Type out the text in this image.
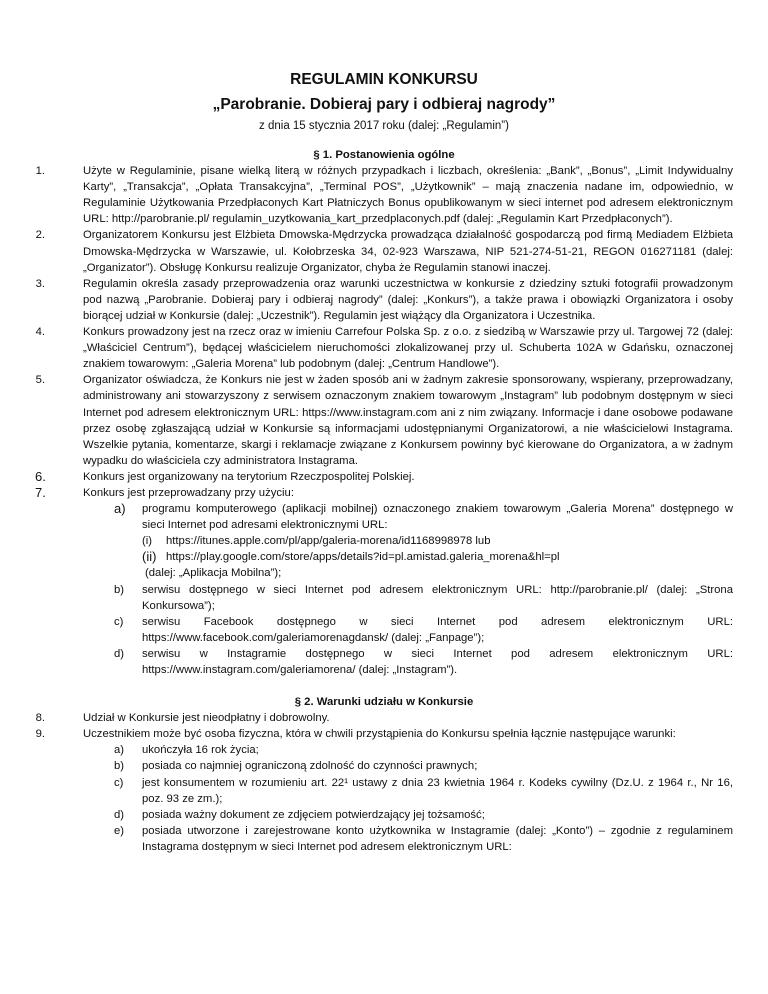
REGULAMIN KONKURSU
„Parobranie. Dobieraj pary i odbieraj nagrody”
z dnia 15 stycznia 2017 roku (dalej: „Regulamin”)
§ 1. Postanowienia ogólne
1.	Użyte w Regulaminie, pisane wielką literą w różnych przypadkach i liczbach, określenia: „Bank”, „Bonus”, „Limit Indywidualny Karty”, „Transakcja”, „Opłata Transakcyjna”, „Terminal POS”, „Użytkownik” – mają znaczenia nadane im, odpowiednio, w Regulaminie Użytkowania Przedpłaconych Kart Płatniczych Bonus opublikowanym w sieci internet pod adresem elektronicznym URL: http://parobranie.pl/ regulamin_uzytkowania_kart_przedplaconych.pdf (dalej: „Regulamin Kart Przedpłaconych”).
2.	Organizatorem Konkursu jest Elżbieta Dmowska-Mędrzycka prowadząca działalność gospodarczą pod firmą Mediadem Elżbieta Dmowska-Mędrzycka w Warszawie, ul. Kołobrzeska 34, 02-923 Warszawa, NIP 521-274-51-21, REGON 016271181 (dalej: „Organizator”). Obsługę Konkursu realizuje Organizator, chyba że Regulamin stanowi inaczej.
3.	Regulamin określa zasady przeprowadzenia oraz warunki uczestnictwa w konkursie z dziedziny sztuki fotografii prowadzonym pod nazwą „Parobranie. Dobieraj pary i odbieraj nagrody” (dalej: „Konkurs”), a także prawa i obowiązki Organizatora i osoby biorącej udział w Konkursie (dalej: „Uczestnik”). Regulamin jest wiążący dla Organizatora i Uczestnika.
4.	Konkurs prowadzony jest na rzecz oraz w imieniu Carrefour Polska Sp. z o.o. z siedzibą w Warszawie przy ul. Targowej 72 (dalej: „Właściciel Centrum”), będącej właścicielem nieruchomości zlokalizowanej przy ul. Schuberta 102A w Gdańsku, oznaczonej znakiem towarowym: „Galeria Morena” lub podobnym (dalej: „Centrum Handlowe”).
5.	Organizator oświadcza, że Konkurs nie jest w żaden sposób ani w żadnym zakresie sponsorowany, wspierany, przeprowadzany, administrowany ani stowarzyszony z serwisem oznaczonym znakiem towarowym „Instagram” lub podobnym dostępnym w sieci Internet pod adresem elektronicznym URL: https://www.instagram.com ani z nim związany. Informacje i dane osobowe podawane przez osobę zgłaszającą udział w Konkursie są informacjami udostępnianymi Organizatorowi, a nie właścicielowi Instagrama. Wszelkie pytania, komentarze, skargi i reklamacje związane z Konkursem powinny być kierowane do Organizatora, a w żadnym wypadku do właściciela czy administratora Instagrama.
6.	Konkurs jest organizowany na terytorium Rzeczpospolitej Polskiej.
7.	Konkurs jest przeprowadzany przy użyciu:
a) programu komputerowego (aplikacji mobilnej) oznaczonego znakiem towarowym „Galeria Morena” dostępnego w sieci Internet pod adresami elektronicznymi URL:
(i) https://itunes.apple.com/pl/app/galeria-morena/id1168998978 lub
(ii) https://play.google.com/store/apps/details?id=pl.amistad.galeria_morena&hl=pl
(dalej: „Aplikacja Mobilna”);
b) serwisu dostępnego w sieci Internet pod adresem elektronicznym URL: http://parobranie.pl/ (dalej: „Strona Konkursowa”);
c) serwisu Facebook dostępnego w sieci Internet pod adresem elektronicznym URL: https://www.facebook.com/galeriamorenagdansk/ (dalej: „Fanpage”);
d) serwisu w Instagramie dostępnego w sieci Internet pod adresem elektronicznym URL: https://www.instagram.com/galeriamorena/ (dalej: „Instagram”).
§ 2. Warunki udziału w Konkursie
8.	Udział w Konkursie jest nieodpłatny i dobrowolny.
9.	Uczestnikiem może być osoba fizyczna, która w chwili przystąpienia do Konkursu spełnia łącznie następujące warunki:
a) ukończyła 16 rok życia;
b) posiada co najmniej ograniczoną zdolność do czynności prawnych;
c) jest konsumentem w rozumieniu art. 22¹ ustawy z dnia 23 kwietnia 1964 r. Kodeks cywilny (Dz.U. z 1964 r., Nr 16, poz. 93 ze zm.);
d) posiada ważny dokument ze zdjęciem potwierdzający jej tożsamość;
e) posiada utworzone i zarejestrowane konto użytkownika w Instagramie (dalej: „Konto”) – zgodnie z regulaminem Instagrama dostępnym w sieci Internet pod adresem elektronicznym URL:
